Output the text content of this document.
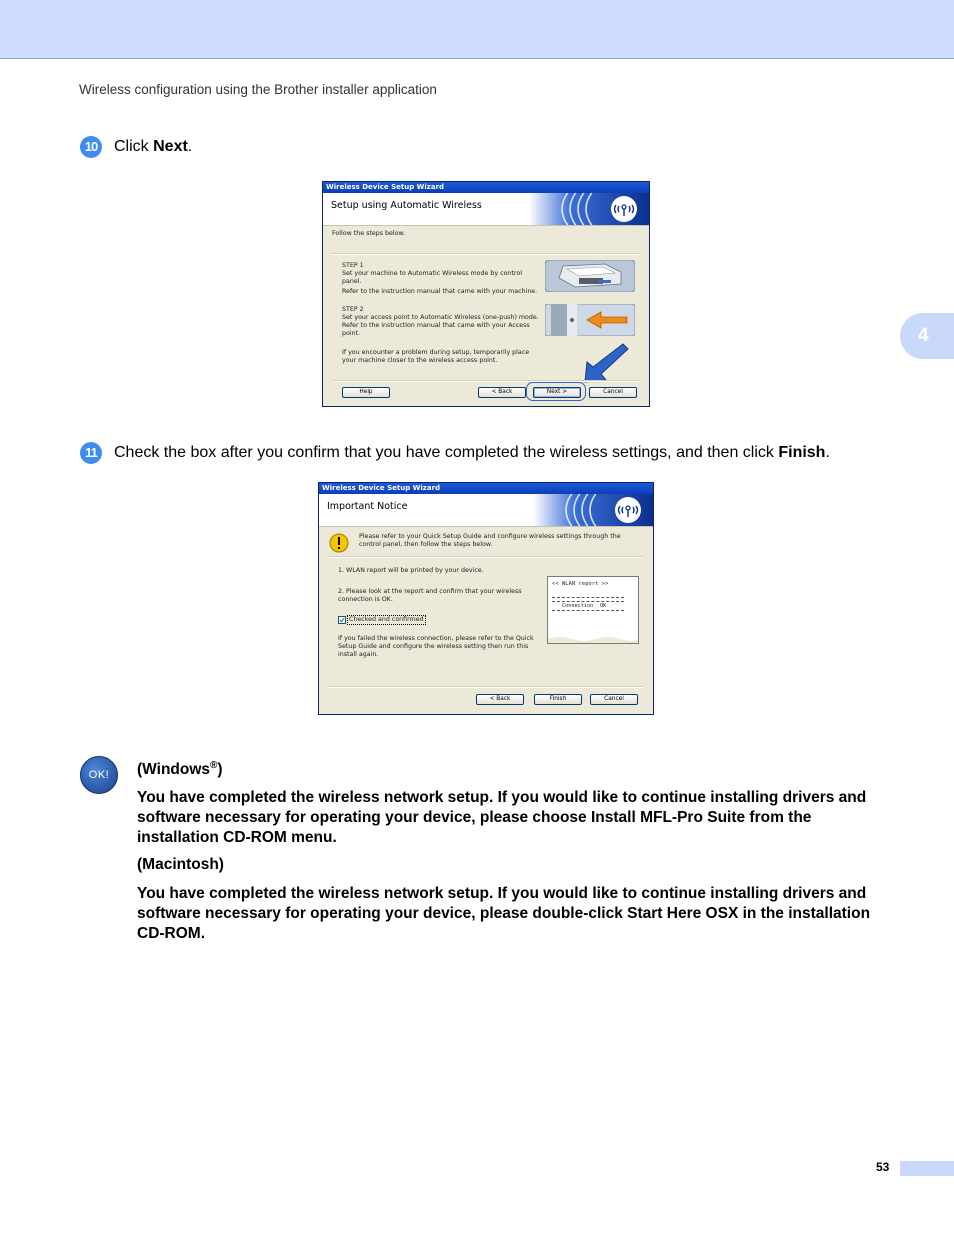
Wireless configuration using the Brother installer application
4
10 Click Next.
Wireless Device Setup Wizard
Setup using Automatic Wireless
Follow the steps below.
STEP 1
Set your machine to Automatic Wireless mode by control panel.
Refer to the instruction manual that came with your machine.
STEP 2
Set your access point to Automatic Wireless (one-push) mode.
Refer to the instruction manual that came with your Access point.
If you encounter a problem during setup, temporarily place your machine closer to the wireless access point.
Help	< Back	Next >	Cancel
11	Check the box after you confirm that you have completed the wireless settings, and then click Finish.
Wireless Device Setup Wizard
Important Notice
Please refer to your Quick Setup Guide and configure wireless settings through the control panel, then follow the steps below.
1. WLAN report will be printed by your device.
2. Please look at the report and confirm that your wireless connection is OK.
Checked and confirmed
If you failed the wireless connection, please refer to the Quick Setup Guide and configure the wireless setting then run this install again.
<< WLAN report >>
Connection OK
< Back	Finish	Cancel
OK!	(Windows®)
You have completed the wireless network setup. If you would like to continue installing drivers and software necessary for operating your device, please choose Install MFL-Pro Suite from the installation CD-ROM menu.
(Macintosh)
You have completed the wireless network setup. If you would like to continue installing drivers and software necessary for operating your device, please double-click Start Here OSX in the installation CD-ROM.
53
